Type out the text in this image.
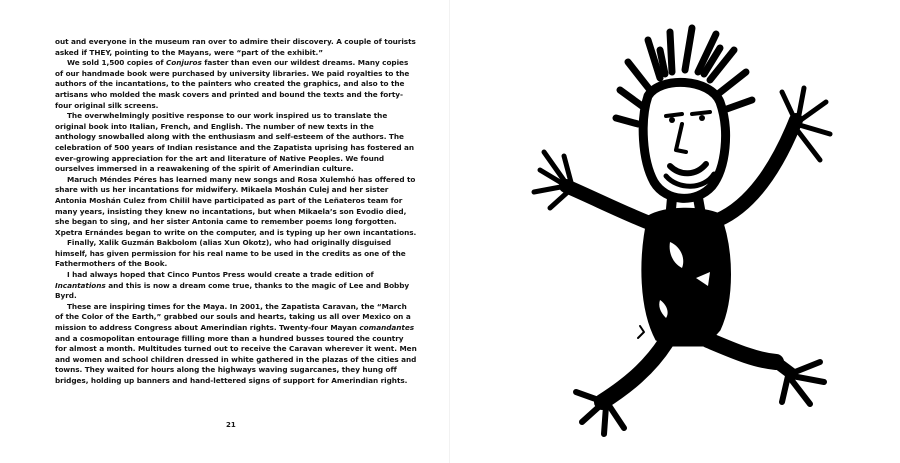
out and everyone in the museum ran over to admire their discovery. A couple of tourists asked if THEY, pointing to the Mayans, were “part of the exhibit.”

We sold 1,500 copies of Conjuros faster than even our wildest dreams. Many copies of our handmade book were purchased by university libraries. We paid royalties to the authors of the incantations, to the painters who created the graphics, and also to the artisans who molded the mask covers and printed and bound the texts and the forty-four original silk screens.

The overwhelmingly positive response to our work inspired us to translate the original book into Italian, French, and English. The number of new texts in the anthology snowballed along with the enthusiasm and self-esteem of the authors. The celebration of 500 years of Indian resistance and the Zapatista uprising has fostered an ever-growing appreciation for the art and literature of Native Peoples. We found ourselves immersed in a reawakening of the spirit of Amerindian culture.

Maruch Méndes Péres has learned many new songs and Rosa Xulemhó has offered to share with us her incantations for midwifery. Mikaela Moshán Culej and her sister Antonia Moshán Culez from Chilil have participated as part of the Leñateros team for many years, insisting they knew no incantations, but when Mikaela’s son Evodio died, she began to sing, and her sister Antonia came to remember poems long forgotten. Xpetra Ernándes began to write on the computer, and is typing up her own incantations.

Finally, Xalik Guzmán Bakbolom (alias Xun Okotz), who had originally disguised himself, has given permission for his real name to be used in the credits as one of the Fathermothers of the Book.

I had always hoped that Cinco Puntos Press would create a trade edition of Incantations and this is now a dream come true, thanks to the magic of Lee and Bobby Byrd.

These are inspiring times for the Maya. In 2001, the Zapatista Caravan, the “March of the Color of the Earth,” grabbed our souls and hearts, taking us all over Mexico on a mission to address Congress about Amerindian rights. Twenty-four Mayan comandantes and a cosmopolitan entourage filling more than a hundred busses toured the country for almost a month. Multitudes turned out to receive the Caravan wherever it went. Men and women and school children dressed in white gathered in the plazas of the cities and towns. They waited for hours along the highways waving sugarcanes, they hung off bridges, holding up banners and hand-lettered signs of support for Amerindian rights.

21
